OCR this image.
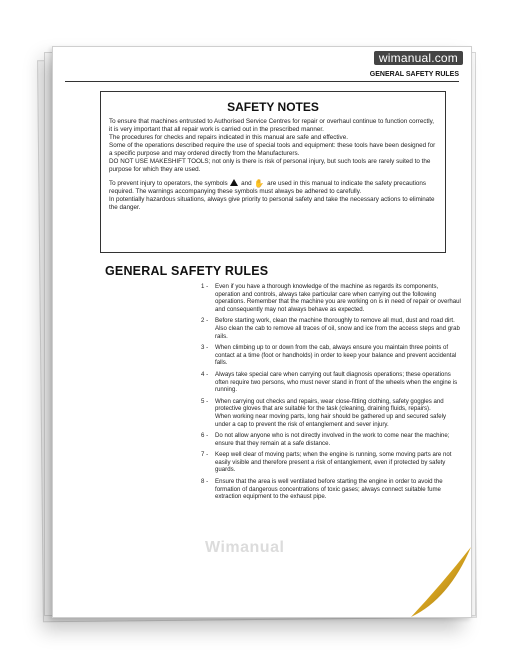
wimanual.com
GENERAL SAFETY RULES
SAFETY NOTES

To ensure that machines entrusted to Authorised Service Centres for repair or overhaul continue to function correctly, it is very important that all repair work is carried out in the prescribed manner.

The procedures for checks and repairs indicated in this manual are safe and effective.

Some of the operations described require the use of special tools and equipment: these tools have been designed for a specific purpose and may ordered directly from the Manufacturers.

DO NOT USE MAKESHIFT TOOLS; not only is there is risk of personal injury, but such tools are rarely suited to the purpose for which they are used.

To prevent injury to operators, the symbols and ✋ are used in this manual to indicate the safety precautions required. The warnings accompanying these symbols must always be adhered to carefully.

In potentially hazardous situations, always give priority to personal safety and take the necessary actions to eliminate the danger.

GENERAL SAFETY RULES
1 -	Even if you have a thorough knowledge of the machine as regards its components, operation and controls, always take particular care when carrying out the following operations. Remember that the machine you are working on is in need of repair or overhaul and consequently may not always behave as expected.
2 -	Before starting work, clean the machine thoroughly to remove all mud, dust and road dirt.
Also clean the cab to remove all traces of oil, snow and ice from the access steps and grab rails.
3 -	When climbing up to or down from the cab, always ensure you maintain three points of contact at a time (foot or handholds) in order to keep your balance and prevent accidental falls.
4 -	Always take special care when carrying out fault diagnosis operations; these operations often require two persons, who must never stand in front of the wheels when the engine is running.
5 -	When carrying out checks and repairs, wear close-fitting clothing, safety goggles and protective gloves that are suitable for the task (cleaning, draining fluids, repairs).
When working near moving parts, long hair should be gathered up and secured safely under a cap to prevent the risk of entanglement and sever injury.
6 -	Do not allow anyone who is not directly involved in the work to come near the machine; ensure that they remain at a safe distance.
7 -	Keep well clear of moving parts; when the engine is running, some moving parts are not easily visible and therefore present a risk of entanglement, even if protected by safety guards.
8 -	Ensure that the area is well ventilated before starting the engine in order to avoid the formation of dangerous concentrations of toxic gases; always connect suitable fume extraction equipment to the exhaust pipe.
Wimanual
